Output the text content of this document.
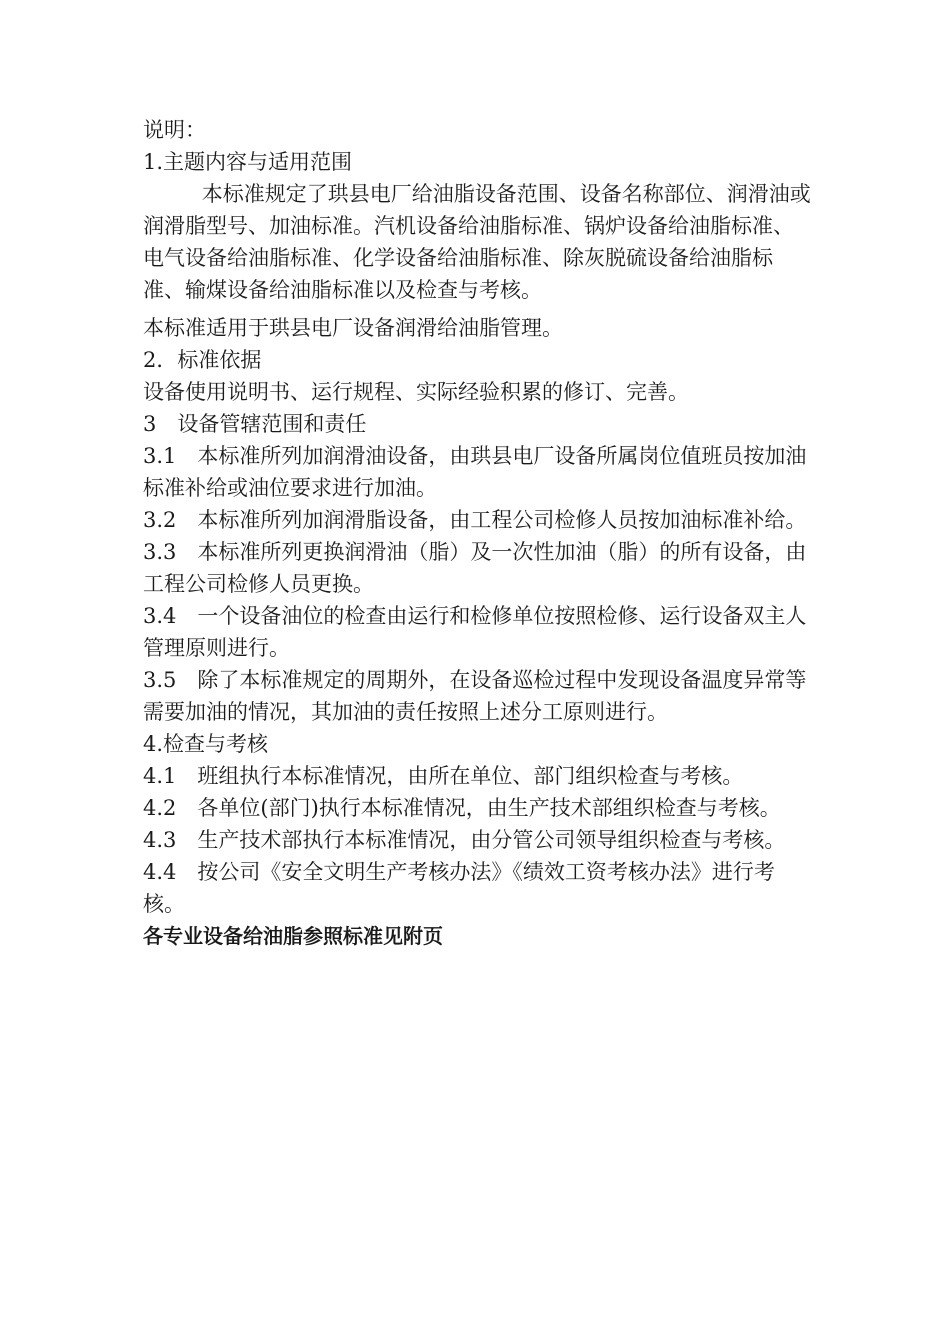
说明：

1.主题内容与适用范围

本标准规定了珙县电厂给油脂设备范围、设备名称部位、润滑油或润滑脂型号、加油标准。汽机设备给油脂标准、锅炉设备给油脂标准、电气设备给油脂标准、化学设备给油脂标准、除灰脱硫设备给油脂标准、输煤设备给油脂标准以及检查与考核。

本标准适用于珙县电厂设备润滑给油脂管理。

2．标准依据

设备使用说明书、运行规程、实际经验积累的修订、完善。

3　设备管辖范围和责任

3.1　本标准所列加润滑油设备，由珙县电厂设备所属岗位值班员按加油标准补给或油位要求进行加油。

3.2　本标准所列加润滑脂设备，由工程公司检修人员按加油标准补给。

3.3　本标准所列更换润滑油（脂）及一次性加油（脂）的所有设备，由工程公司检修人员更换。

3.4　一个设备油位的检查由运行和检修单位按照检修、运行设备双主人管理原则进行。

3.5　除了本标准规定的周期外，在设备巡检过程中发现设备温度异常等需要加油的情况，其加油的责任按照上述分工原则进行。

4.检查与考核

4.1　班组执行本标准情况，由所在单位、部门组织检查与考核。

4.2　各单位(部门)执行本标准情况，由生产技术部组织检查与考核。

4.3　生产技术部执行本标准情况，由分管公司领导组织检查与考核。

4.4　按公司《安全文明生产考核办法》《绩效工资考核办法》进行考核。

各专业设备给油脂参照标准见附页
